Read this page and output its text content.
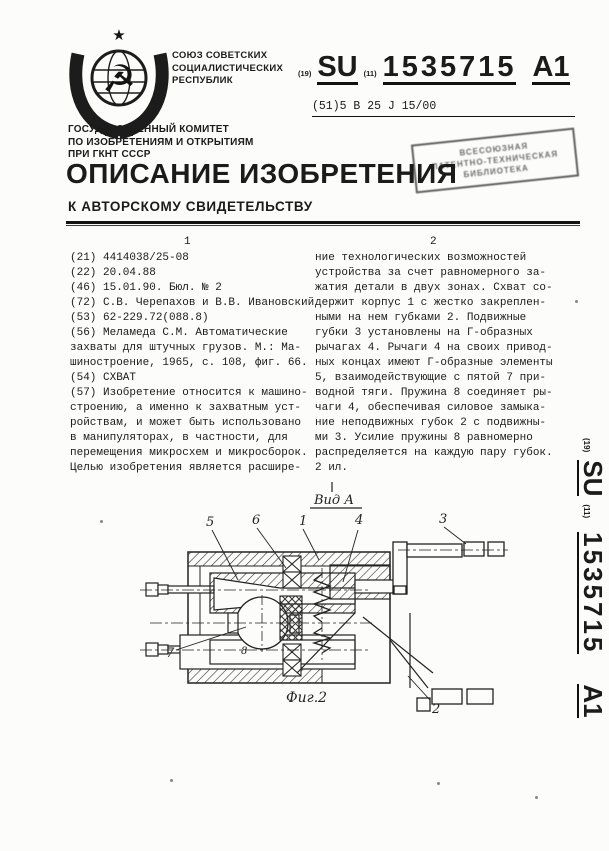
☭
★
СОЮЗ СОВЕТСКИХ
СОЦИАЛИСТИЧЕСКИХ
РЕСПУБЛИК
(19) SU (11) 1535715 A1
(51)5 В 25 J 15/00
ГОСУДАРСТВЕННЫЙ КОМИТЕТ
ПО ИЗОБРЕТЕНИЯМ И ОТКРЫТИЯМ
ПРИ ГКНТ СССР	ВСЕСОЮЗНАЯ
ПАТЕНТНО-ТЕХНИЧЕСКАЯ
БИБЛИОТЕКА
ОПИСАНИЕ ИЗОБРЕТЕНИЯ
К АВТОРСКОМУ СВИДЕТЕЛЬСТВУ
1	2
(21) 4414038/25-08
(22) 20.04.88
(46) 15.01.90. Бюл. № 2
(72) С.В. Черепахов и В.В. Ивановский
(53) 62-229.72(088.8)
(56) Меламеда С.М. Автоматические
захваты для штучных грузов. М.: Ма-
шиностроение, 1965, с. 108, фиг. 66.
(54) СХВАТ
(57) Изобретение относится к машино-
строению, а именно к захватным уст-
ройствам, и может быть использовано
в манипуляторах, в частности, для
перемещения микросхем и микросборок.
Целью изобретения является расшире-
ние технологических возможностей
устройства за счет равномерного за-
жатия детали в двух зонах. Схват со-
держит корпус 1 с жестко закреплен-
ными на нем губками 2. Подвижные
губки 3 установлены на Г-образных
рычагах 4. Рычаги 4 на своих привод-
ных концах имеют Г-образные элементы
5, взаимодействующие с пятой 7 при-
водной тяги. Пружина 8 соединяет ры-
чаги 4, обеспечивая силовое замыка-
ние неподвижных губок 2 с подвижны-
ми 3. Усилие пружины 8 равномерно
распределяется на каждую пару губок.
2 ил.
(19)
SU
(11)
1535715
A1
Вид А
5	6	1	4	3
7
2
8
Фиг.2
